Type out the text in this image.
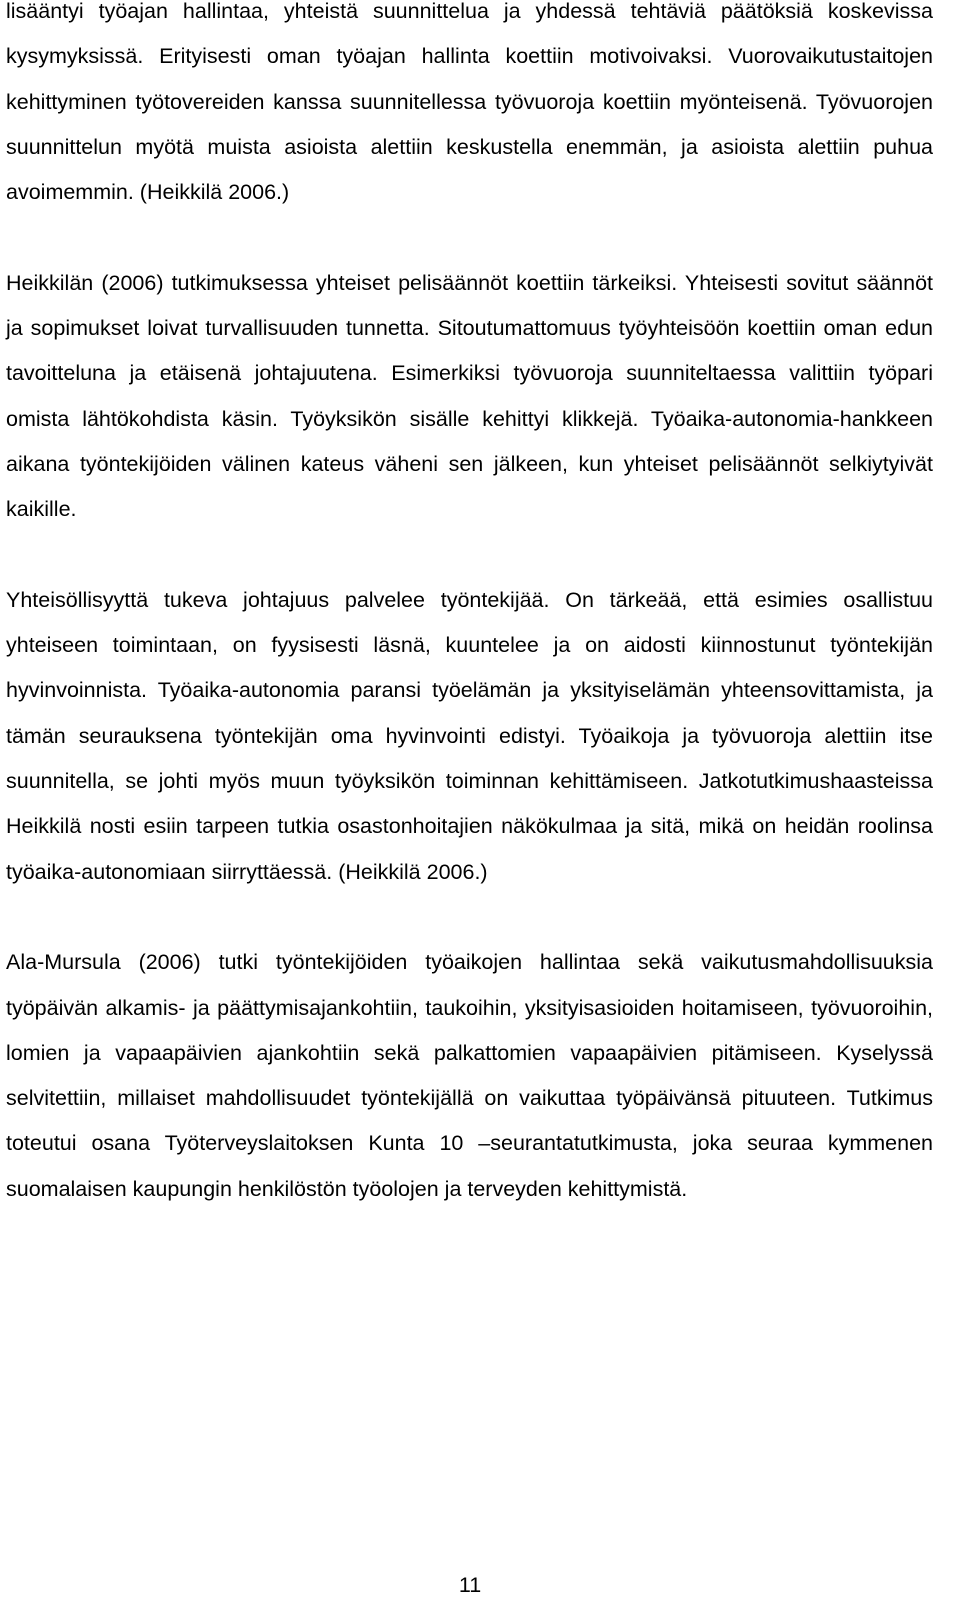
lisääntyi työajan hallintaa, yhteistä suunnittelua ja yhdessä tehtäviä päätöksiä koskevissa kysymyksissä. Erityisesti oman työajan hallinta koettiin motivoivaksi. Vuorovaikutustaitojen kehittyminen työtovereiden kanssa suunnitellessa työvuoroja koettiin myönteisenä. Työvuorojen suunnittelun myötä muista asioista alettiin keskustella enemmän, ja asioista alettiin puhua avoimemmin. (Heikkilä 2006.)

Heikkilän (2006) tutkimuksessa yhteiset pelisäännöt koettiin tärkeiksi. Yhteisesti sovitut säännöt ja sopimukset loivat turvallisuuden tunnetta. Sitoutumattomuus työyhteisöön koettiin oman edun tavoitteluna ja etäisenä johtajuutena. Esimerkiksi työvuoroja suunniteltaessa valittiin työpari omista lähtökohdista käsin. Työyksikön sisälle kehittyi klikkejä. Työaika-autonomia-hankkeen aikana työntekijöiden välinen kateus väheni sen jälkeen, kun yhteiset pelisäännöt selkiytyivät kaikille.

Yhteisöllisyyttä tukeva johtajuus palvelee työntekijää. On tärkeää, että esimies osallistuu yhteiseen toimintaan, on fyysisesti läsnä, kuuntelee ja on aidosti kiinnostunut työntekijän hyvinvoinnista. Työaika-autonomia paransi työelämän ja yksityiselämän yhteensovittamista, ja tämän seurauksena työntekijän oma hyvinvointi edistyi. Työaikoja ja työvuoroja alettiin itse suunnitella, se johti myös muun työyksikön toiminnan kehittämiseen. Jatkotutkimushaasteissa Heikkilä nosti esiin tarpeen tutkia osastonhoitajien näkökulmaa ja sitä, mikä on heidän roolinsa työaika-autonomiaan siirryttäessä. (Heikkilä 2006.)

Ala-Mursula (2006) tutki työntekijöiden työaikojen hallintaa sekä vaikutusmahdollisuuksia työpäivän alkamis- ja päättymisajankohtiin, taukoihin, yksityisasioiden hoitamiseen, työvuoroihin, lomien ja vapaapäivien ajankohtiin sekä palkattomien vapaapäivien pitämiseen. Kyselyssä selvitettiin, millaiset mahdollisuudet työntekijällä on vaikuttaa työpäivänsä pituuteen. Tutkimus toteutui osana Työterveyslaitoksen Kunta 10 –seurantatutkimusta, joka seuraa kymmenen suomalaisen kaupungin henkilöstön työolojen ja terveyden kehittymistä.

11
